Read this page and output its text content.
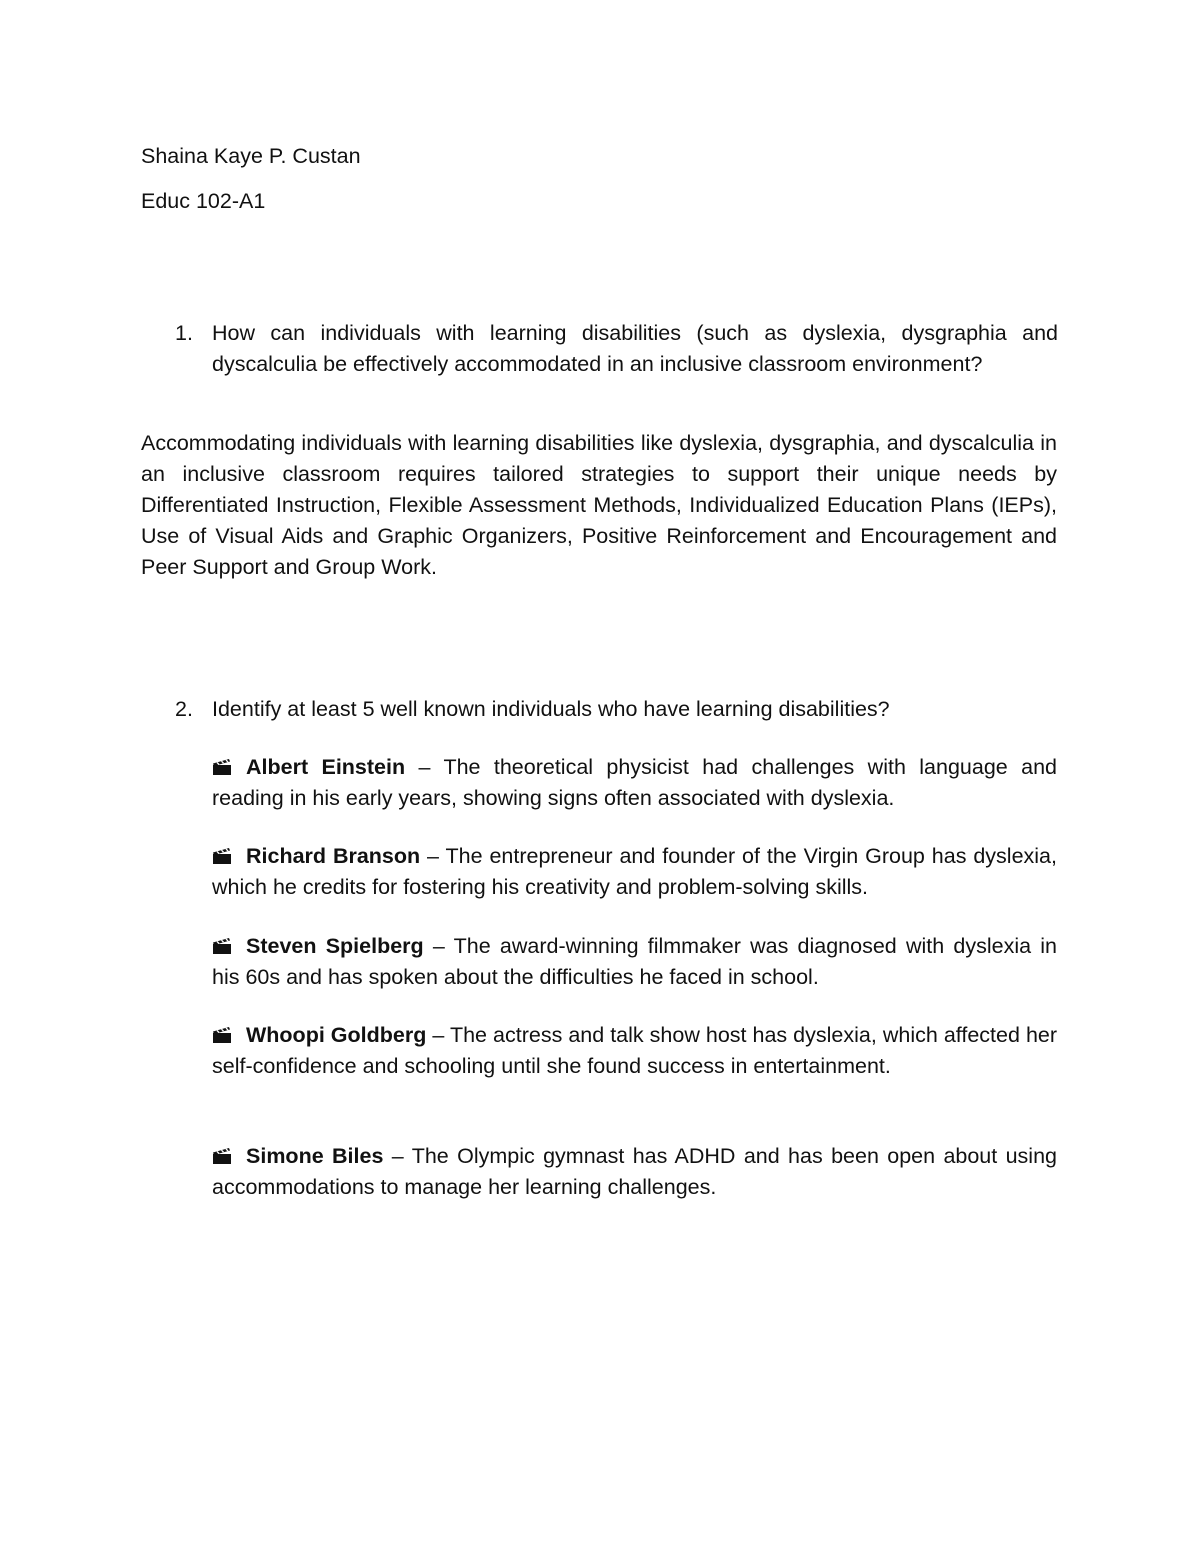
Shaina Kaye P. Custan

Educ 102-A1

1. How can individuals with learning disabilities (such as dyslexia, dysgraphia and dyscalculia be effectively accommodated in an inclusive classroom environment?

Accommodating individuals with learning disabilities like dyslexia, dysgraphia, and dyscalculia in an inclusive classroom requires tailored strategies to support their unique needs by Differentiated Instruction, Flexible Assessment Methods, Individualized Education Plans (IEPs), Use of Visual Aids and Graphic Organizers, Positive Reinforcement and Encouragement and Peer Support and Group Work.

2. Identify at least 5 well known individuals who have learning disabilities?

Albert Einstein – The theoretical physicist had challenges with language and reading in his early years, showing signs often associated with dyslexia.

Richard Branson – The entrepreneur and founder of the Virgin Group has dyslexia, which he credits for fostering his creativity and problem-solving skills.

Steven Spielberg – The award-winning filmmaker was diagnosed with dyslexia in his 60s and has spoken about the difficulties he faced in school.

Whoopi Goldberg – The actress and talk show host has dyslexia, which affected her self-confidence and schooling until she found success in entertainment.

Simone Biles – The Olympic gymnast has ADHD and has been open about using accommodations to manage her learning challenges.
